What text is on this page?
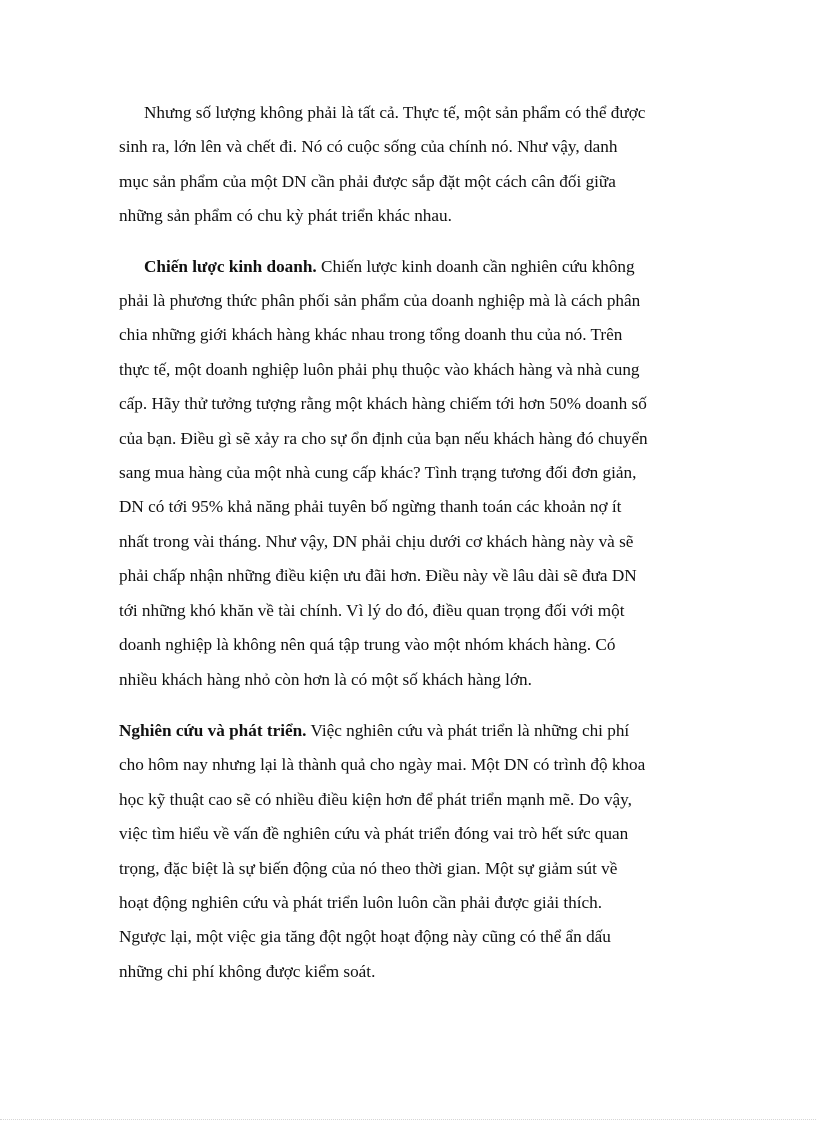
Nhưng số lượng không phải là tất cả. Thực tế, một sản phẩm có thể được
sinh ra, lớn lên và chết đi. Nó có cuộc sống của chính nó. Như vậy, danh
mục sản phẩm của một DN cần phải được sắp đặt một cách cân đối giữa
những sản phẩm có chu kỳ phát triển khác nhau.

Chiến lược kinh doanh. Chiến lược kinh doanh cần nghiên cứu không
phải là phương thức phân phối sản phẩm của doanh nghiệp mà là cách phân
chia những giới khách hàng khác nhau trong tổng doanh thu của nó. Trên
thực tế, một doanh nghiệp luôn phải phụ thuộc vào khách hàng và nhà cung
cấp. Hãy thử tưởng tượng rằng một khách hàng chiếm tới hơn 50% doanh số
của bạn. Điều gì sẽ xảy ra cho sự ổn định của bạn nếu khách hàng đó chuyển
sang mua hàng của một nhà cung cấp khác? Tình trạng tương đối đơn giản,
DN có tới 95% khả năng phải tuyên bố ngừng thanh toán các khoản nợ ít
nhất trong vài tháng. Như vậy, DN phải chịu dưới cơ khách hàng này và sẽ
phải chấp nhận những điều kiện ưu đãi hơn. Điều này về lâu dài sẽ đưa DN
tới những khó khăn về tài chính. Vì lý do đó, điều quan trọng đối với một
doanh nghiệp là không nên quá tập trung vào một nhóm khách hàng. Có
nhiều khách hàng nhỏ còn hơn là có một số khách hàng lớn.

Nghiên cứu và phát triển. Việc nghiên cứu và phát triển là những chi phí
cho hôm nay nhưng lại là thành quả cho ngày mai. Một DN có trình độ khoa
học kỹ thuật cao sẽ có nhiều điều kiện hơn để phát triển mạnh mẽ. Do vậy,
việc tìm hiểu về vấn đề nghiên cứu và phát triển đóng vai trò hết sức quan
trọng, đặc biệt là sự biến động của nó theo thời gian. Một sự giảm sút về
hoạt động nghiên cứu và phát triển luôn luôn cần phải được giải thích.
Ngược lại, một việc gia tăng đột ngột hoạt động này cũng có thể ẩn dấu
những chi phí không được kiểm soát.
